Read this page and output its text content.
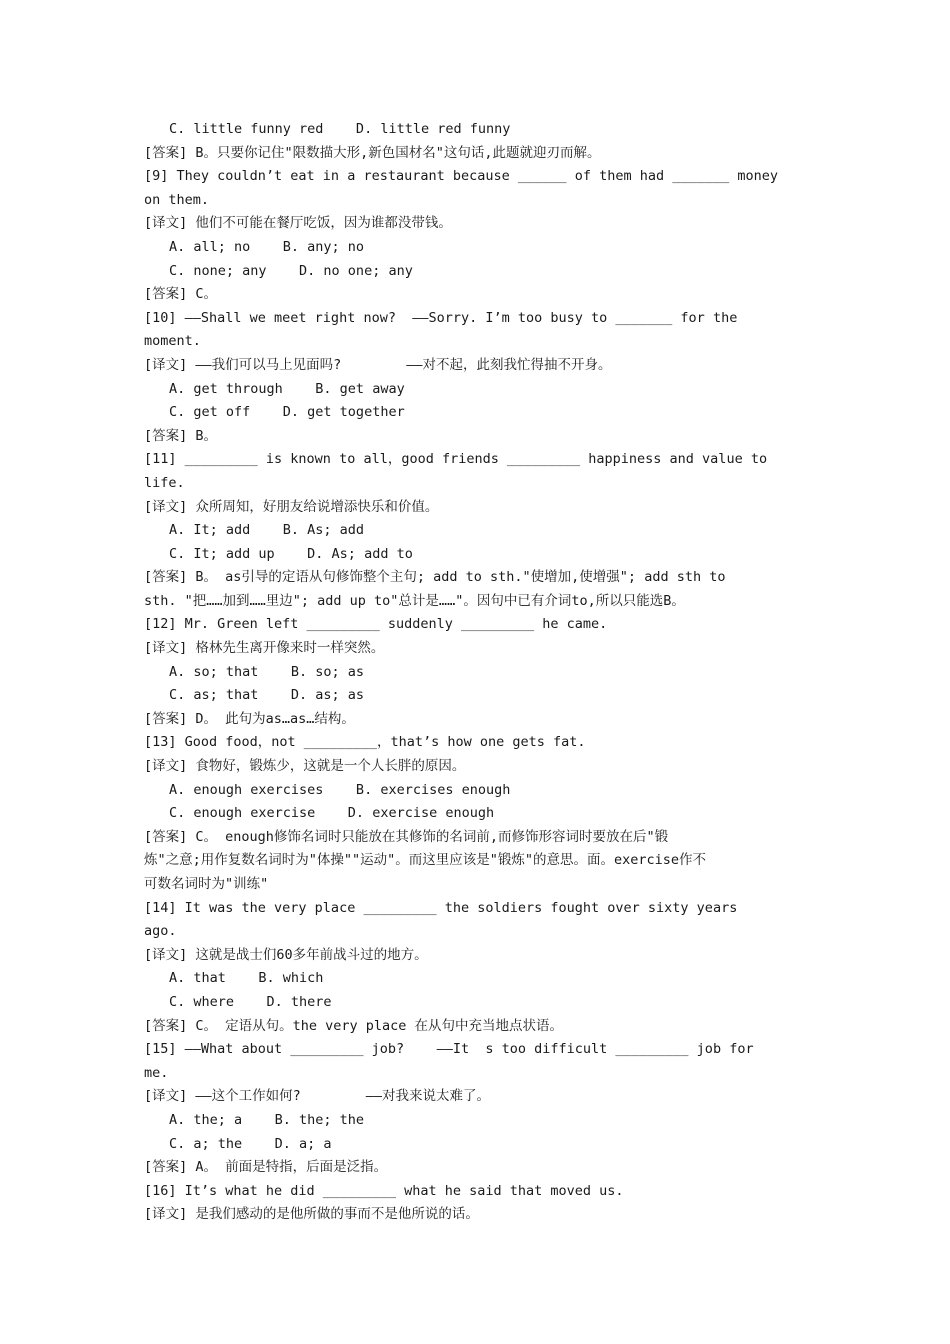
C. little funny red    D. little red funny
[答案] B。只要你记住"限数描大形,新色国材名"这句话,此题就迎刃而解。
[9] They couldn’t eat in a restaurant because ______ of them had _______ money
on them.
[译文] 他们不可能在餐厅吃饭，因为谁都没带钱。
A. all; no    B. any; no
C. none; any    D. no one; any
[答案] C。
[10] ——Shall we meet right now?  ——Sorry. I’m too busy to _______ for the
moment.
[译文] ——我们可以马上见面吗?        ——对不起，此刻我忙得抽不开身。
A. get through    B. get away
C. get off    D. get together
[答案] B。
[11] _________ is known to all，good friends _________ happiness and value to
life.
[译文] 众所周知，好朋友给说增添快乐和价值。
A. It; add    B. As; add
C. It; add up    D. As; add to
[答案] B。 as引导的定语从句修饰整个主句; add to sth."使增加,使增强"; add sth to
sth. "把……加到……里边"; add up to"总计是……"。因句中已有介词to,所以只能选B。
[12] Mr. Green left _________ suddenly _________ he came.
[译文] 格林先生离开像来时一样突然。
A. so; that    B. so; as
C. as; that    D. as; as
[答案] D。 此句为as…as…结构。
[13] Good food，not _________，that’s how one gets fat.
[译文] 食物好，锻炼少，这就是一个人长胖的原因。
A. enough exercises    B. exercises enough
C. enough exercise    D. exercise enough
[答案] C。 enough修饰名词时只能放在其修饰的名词前,而修饰形容词时要放在后"锻
炼"之意;用作复数名词时为"体操""运动"。而这里应该是"锻炼"的意思。面。exercise作不
可数名词时为"训练"
[14] It was the very place _________ the soldiers fought over sixty years
ago.
[译文] 这就是战士们60多年前战斗过的地方。
A. that    B. which
C. where    D. there
[答案] C。 定语从句。the very place 在从句中充当地点状语。
[15] ——What about _________ job?    ——It  s too difficult _________ job for
me.
[译文] ——这个工作如何?        ——对我来说太难了。
A. the; a    B. the; the
C. a; the    D. a; a
[答案] A。 前面是特指，后面是泛指。
[16] It’s what he did _________ what he said that moved us.
[译文] 是我们感动的是他所做的事而不是他所说的话。
